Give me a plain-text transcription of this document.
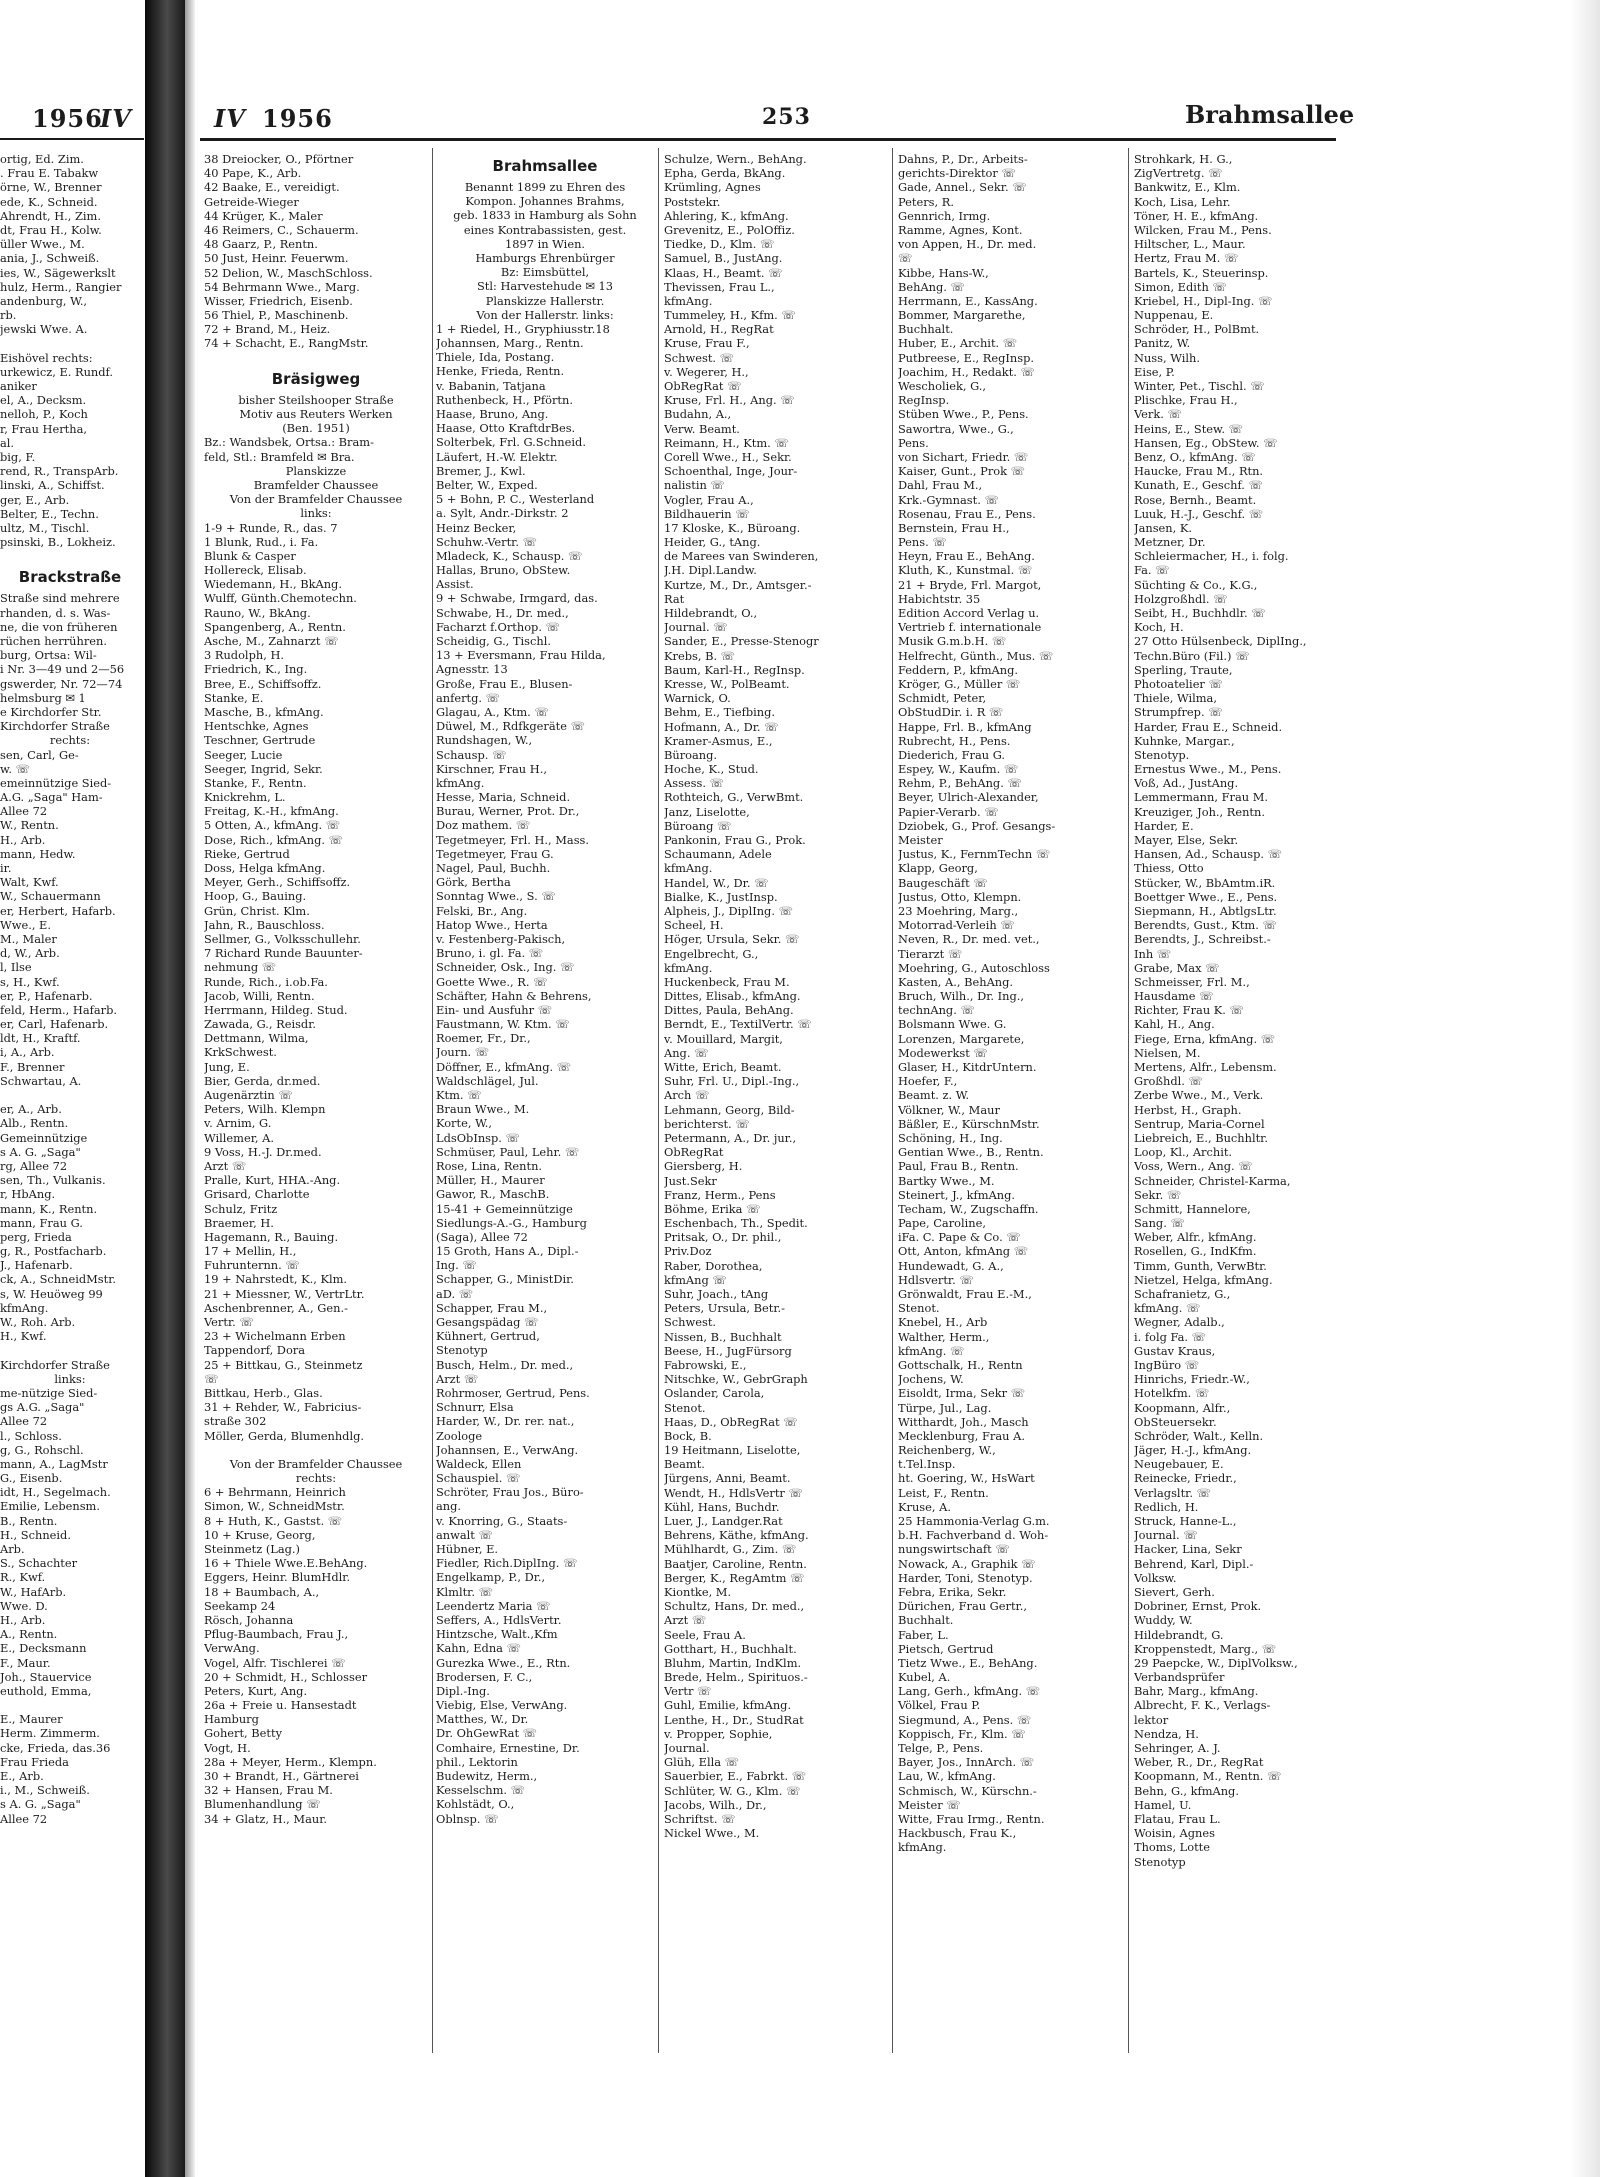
1956
IV	IV 1956	253	Brahmsallee
ortig, Ed. Zim.
. Frau E. Tabakw
örne, W., Brenner
ede, K., Schneid.
Ahrendt, H., Zim.
dt, Frau H., Kolw.
üller Wwe., M.
ania, J., Schweiß.
ies, W., Sägewerkslt
hulz, Herm., Rangier
andenburg, W.,
rb.
jewski Wwe. A.
Eishövel rechts:
urkewicz, E. Rundf.
aniker
el, A., Decksm.
nelloh, P., Koch
r, Frau Hertha,
al.
big, F.
rend, R., TranspArb.
linski, A., Schiffst.
ger, E., Arb.
Belter, E., Techn.
ultz, M., Tischl.
psinski, B., Lokheiz.
Brackstraße
Straße sind mehrere
rhanden, d. s. Was-
ne, die von früheren
rüchen herrühren.
burg, Ortsa: Wil-
i Nr. 3—49 und 2—56
gswerder, Nr. 72—74
helmsburg ✉ 1
e Kirchdorfer Str.
Kirchdorfer Straße
rechts:
sen, Carl, Ge-
w. ☏
emeinnützige Sied-
A.G. „Saga" Ham-
Allee 72
W., Rentn.
H., Arb.
mann, Hedw.
ir.
Walt, Kwf.
W., Schauermann
er, Herbert, Hafarb.
Wwe., E.
M., Maler
d, W., Arb.
l, Ilse
s, H., Kwf.
er, P., Hafenarb.
feld, Herm., Hafarb.
er, Carl, Hafenarb.
ldt, H., Kraftf.
i, A., Arb.
F., Brenner
Schwartau, A.
er, A., Arb.
Alb., Rentn.
Gemeinnützige
s A. G. „Saga"
rg, Allee 72
sen, Th., Vulkanis.
r, HbAng.
mann, K., Rentn.
mann, Frau G.
perg, Frieda
g, R., Postfacharb.
J., Hafenarb.
ck, A., SchneidMstr.
s, W. Heuöweg 99
kfmAng.
W., Roh. Arb.
H., Kwf.
Kirchdorfer Straße
links:
me-nützige Sied-
gs A.G. „Saga"
Allee 72
l., Schloss.
g, G., Rohschl.
mann, A., LagMstr
G., Eisenb.
idt, H., Segelmach.
Emilie, Lebensm.
B., Rentn.
H., Schneid.
Arb.
S., Schachter
R., Kwf.
W., HafArb.
Wwe. D.
H., Arb.
A., Rentn.
E., Decksmann
F., Maur.
Joh., Stauervice
euthold, Emma,
E., Maurer
Herm. Zimmerm.
cke, Frieda, das.36
Frau Frieda
E., Arb.
i., M., Schweiß.
s A. G. „Saga"
Allee 72
38 Dreiocker, O., Pförtner
40 Pape, K., Arb.
42 Baake, E., vereidigt.
Getreide-Wieger
44 Krüger, K., Maler
46 Reimers, C., Schauerm.
48 Gaarz, P., Rentn.
50 Just, Heinr. Feuerwm.
52 Delion, W., MaschSchloss.
54 Behrmann Wwe., Marg.
Wisser, Friedrich, Eisenb.
56 Thiel, P., Maschinenb.
72 + Brand, M., Heiz.
74 + Schacht, E., RangMstr.
Bräsigweg
bisher Steilshooper Straße
Motiv aus Reuters Werken
(Ben. 1951)
Bz.: Wandsbek, Ortsa.: Bram-
feld, Stl.: Bramfeld ✉ Bra.
Planskizze
Bramfelder Chaussee
Von der Bramfelder Chaussee
links:
1-9 + Runde, R., das. 7
1 Blunk, Rud., i. Fa.
Blunk & Casper
Hollereck, Elisab.
Wiedemann, H., BkAng.
Wulff, Günth.Chemotechn.
Rauno, W., BkAng.
Spangenberg, A., Rentn.
Asche, M., Zahnarzt ☏
3 Rudolph, H.
Friedrich, K., Ing.
Bree, E., Schiffsoffz.
Stanke, E.
Masche, B., kfmAng.
Hentschke, Agnes
Teschner, Gertrude
Seeger, Lucie
Seeger, Ingrid, Sekr.
Stanke, F., Rentn.
Knickrehm, L.
Freitag, K.-H., kfmAng.
5 Otten, A., kfmAng. ☏
Dose, Rich., kfmAng. ☏
Rieke, Gertrud
Doss, Helga kfmAng.
Meyer, Gerh., Schiffsoffz.
Hoop, G., Bauing.
Grün, Christ. Klm.
Jahn, R., Bauschloss.
Sellmer, G., Volksschullehr.
7 Richard Runde Bauunter-
nehmung ☏
Runde, Rich., i.ob.Fa.
Jacob, Willi, Rentn.
Herrmann, Hildeg. Stud.
Zawada, G., Reisdr.
Dettmann, Wilma,
KrkSchwest.
Jung, E.
Bier, Gerda, dr.med.
Augenärztin ☏
Peters, Wilh. Klempn
v. Arnim, G.
Willemer, A.
9 Voss, H.-J. Dr.med.
Arzt ☏
Pralle, Kurt, HHA.-Ang.
Grisard, Charlotte
Schulz, Fritz
Braemer, H.
Hagemann, R., Bauing.
17 + Mellin, H.,
Fuhrunternn. ☏
19 + Nahrstedt, K., Klm.
21 + Miessner, W., VertrLtr.
Aschenbrenner, A., Gen.-
Vertr. ☏
23 + Wichelmann Erben
Tappendorf, Dora
25 + Bittkau, G., Steinmetz
☏
Bittkau, Herb., Glas.
31 + Rehder, W., Fabricius-
straße 302
Möller, Gerda, Blumenhdlg.
Von der Bramfelder Chaussee
rechts:
6 + Behrmann, Heinrich
Simon, W., SchneidMstr.
8 + Huth, K., Gastst. ☏
10 + Kruse, Georg,
Steinmetz (Lag.)
16 + Thiele Wwe.E.BehAng.
Eggers, Heinr. BlumHdlr.
18 + Baumbach, A.,
Seekamp 24
Rösch, Johanna
Pflug-Baumbach, Frau J.,
VerwAng.
Vogel, Alfr. Tischlerei ☏
20 + Schmidt, H., Schlosser
Peters, Kurt, Ang.
26a + Freie u. Hansestadt
Hamburg
Gohert, Betty
Vogt, H.
28a + Meyer, Herm., Klempn.
30 + Brandt, H., Gärtnerei
32 + Hansen, Frau M.
Blumenhandlung ☏
34 + Glatz, H., Maur.
Brahmsallee
Benannt 1899 zu Ehren des
Kompon. Johannes Brahms,
geb. 1833 in Hamburg als Sohn
eines Kontrabassisten, gest.
1897 in Wien.
Hamburgs Ehrenbürger
Bz: Eimsbüttel,
Stl: Harvestehude ✉ 13
Planskizze Hallerstr.
Von der Hallerstr. links:
1 + Riedel, H., Gryphiusstr.18
Johannsen, Marg., Rentn.
Thiele, Ida, Postang.
Henke, Frieda, Rentn.
v. Babanin, Tatjana
Ruthenbeck, H., Pförtn.
Haase, Bruno, Ang.
Haase, Otto KraftdrBes.
Solterbek, Frl. G.Schneid.
Läufert, H.-W. Elektr.
Bremer, J., Kwl.
Belter, W., Exped.
5 + Bohn, P. C., Westerland
a. Sylt, Andr.-Dirkstr. 2
Heinz Becker,
Schuhw.-Vertr. ☏
Mladeck, K., Schausp. ☏
Hallas, Bruno, ObStew.
Assist.
9 + Schwabe, Irmgard, das.
Schwabe, H., Dr. med.,
Facharzt f.Orthop. ☏
Scheidig, G., Tischl.
13 + Eversmann, Frau Hilda,
Agnesstr. 13
Große, Frau E., Blusen-
anfertg. ☏
Glagau, A., Ktm. ☏
Düwel, M., Rdfkgeräte ☏
Rundshagen, W.,
Schausp. ☏
Kirschner, Frau H.,
kfmAng.
Hesse, Maria, Schneid.
Burau, Werner, Prot. Dr.,
Doz mathem. ☏
Tegetmeyer, Frl. H., Mass.
Tegetmeyer, Frau G.
Nagel, Paul, Buchh.
Görk, Bertha
Sonntag Wwe., S. ☏
Felski, Br., Ang.
Hatop Wwe., Herta
v. Festenberg-Pakisch,
Bruno, i. gl. Fa. ☏
Schneider, Osk., Ing. ☏
Goette Wwe., R. ☏
Schäfter, Hahn & Behrens,
Ein- und Ausfuhr ☏
Faustmann, W. Ktm. ☏
Roemer, Fr., Dr.,
Journ. ☏
Döffner, E., kfmAng. ☏
Waldschlägel, Jul.
Ktm. ☏
Braun Wwe., M.
Korte, W.,
LdsObInsp. ☏
Schmüser, Paul, Lehr. ☏
Rose, Lina, Rentn.
Müller, H., Maurer
Gawor, R., MaschB.
15-41 + Gemeinnützige
Siedlungs-A.-G., Hamburg
(Saga), Allee 72
15 Groth, Hans A., Dipl.-
Ing. ☏
Schapper, G., MinistDir.
aD. ☏
Schapper, Frau M.,
Gesangspädag ☏
Kühnert, Gertrud,
Stenotyp
Busch, Helm., Dr. med.,
Arzt ☏
Rohrmoser, Gertrud, Pens.
Schnurr, Elsa
Harder, W., Dr. rer. nat.,
Zoologe
Johannsen, E., VerwAng.
Waldeck, Ellen
Schauspiel. ☏
Schröter, Frau Jos., Büro-
ang.
v. Knorring, G., Staats-
anwalt ☏
Hübner, E.
Fiedler, Rich.DiplIng. ☏
Engelkamp, P., Dr.,
Klmltr. ☏
Leendertz Maria ☏
Seffers, A., HdlsVertr.
Hintzsche, Walt.,Kfm
Kahn, Edna ☏
Gurezka Wwe., E., Rtn.
Brodersen, F. C.,
Dipl.-Ing.
Viebig, Else, VerwAng.
Matthes, W., Dr.
Dr. OhGewRat ☏
Comhaire, Ernestine, Dr.
phil., Lektorin
Budewitz, Herm.,
Kesselschm. ☏
Kohlstädt, O.,
Oblnsp. ☏
Schulze, Wern., BehAng.
Epha, Gerda, BkAng.
Krümling, Agnes
Poststekr.
Ahlering, K., kfmAng.
Grevenitz, E., PolOffiz.
Tiedke, D., Klm. ☏
Samuel, B., JustAng.
Klaas, H., Beamt. ☏
Thevissen, Frau L.,
kfmAng.
Tummeley, H., Kfm. ☏
Arnold, H., RegRat
Kruse, Frau F.,
Schwest. ☏
v. Wegerer, H.,
ObRegRat ☏
Kruse, Frl. H., Ang. ☏
Budahn, A.,
Verw. Beamt.
Reimann, H., Ktm. ☏
Corell Wwe., H., Sekr.
Schoenthal, Inge, Jour-
nalistin ☏
Vogler, Frau A.,
Bildhauerin ☏
17 Kloske, K., Büroang.
Heider, G., tAng.
de Marees van Swinderen,
J.H. Dipl.Landw.
Kurtze, M., Dr., Amtsger.-
Rat
Hildebrandt, O.,
Journal. ☏
Sander, E., Presse-Stenogr
Krebs, B. ☏
Baum, Karl-H., RegInsp.
Kresse, W., PolBeamt.
Warnick, O.
Behm, E., Tiefbing.
Hofmann, A., Dr. ☏
Kramer-Asmus, E.,
Büroang.
Hoche, K., Stud.
Assess. ☏
Rothteich, G., VerwBmt.
Janz, Liselotte,
Büroang ☏
Pankonin, Frau G., Prok.
Schaumann, Adele
kfmAng.
Handel, W., Dr. ☏
Bialke, K., JustInsp.
Alpheis, J., DiplIng. ☏
Scheel, H.
Höger, Ursula, Sekr. ☏
Engelbrecht, G.,
kfmAng.
Huckenbeck, Frau M.
Dittes, Elisab., kfmAng.
Dittes, Paula, BehAng.
Berndt, E., TextilVertr. ☏
v. Mouillard, Margit,
Ang. ☏
Witte, Erich, Beamt.
Suhr, Frl. U., Dipl.-Ing.,
Arch ☏
Lehmann, Georg, Bild-
berichterst. ☏
Petermann, A., Dr. jur.,
ObRegRat
Giersberg, H.
Just.Sekr
Franz, Herm., Pens
Böhme, Erika ☏
Eschenbach, Th., Spedit.
Pritsak, O., Dr. phil.,
Priv.Doz
Raber, Dorothea,
kfmAng ☏
Suhr, Joach., tAng
Peters, Ursula, Betr.-
Schwest.
Nissen, B., Buchhalt
Beese, H., JugFürsorg
Fabrowski, E.,
Nitschke, W., GebrGraph
Oslander, Carola,
Stenot.
Haas, D., ObRegRat ☏
Bock, B.
19 Heitmann, Liselotte,
Beamt.
Jürgens, Anni, Beamt.
Wendt, H., HdlsVertr ☏
Kühl, Hans, Buchdr.
Luer, J., Landger.Rat
Behrens, Käthe, kfmAng.
Mühlhardt, G., Zim. ☏
Baatjer, Caroline, Rentn.
Berger, K., RegAmtm ☏
Kiontke, M.
Schultz, Hans, Dr. med.,
Arzt ☏
Seele, Frau A.
Gotthart, H., Buchhalt.
Bluhm, Martin, IndKlm.
Brede, Helm., Spirituos.-
Vertr ☏
Guhl, Emilie, kfmAng.
Lenthe, H., Dr., StudRat
v. Propper, Sophie,
Journal.
Glüh, Ella ☏
Sauerbier, E., Fabrkt. ☏
Schlüter, W. G., Klm. ☏
Jacobs, Wilh., Dr.,
Schriftst. ☏
Nickel Wwe., M.
Dahns, P., Dr., Arbeits-
gerichts-Direktor ☏
Gade, Annel., Sekr. ☏
Peters, R.
Gennrich, Irmg.
Ramme, Agnes, Kont.
von Appen, H., Dr. med.
☏
Kibbe, Hans-W.,
BehAng. ☏
Herrmann, E., KassAng.
Bommer, Margarethe,
Buchhalt.
Huber, E., Archit. ☏
Putbreese, E., RegInsp.
Joachim, H., Redakt. ☏
Wescholiek, G.,
RegInsp.
Stüben Wwe., P., Pens.
Sawortra, Wwe., G.,
Pens.
von Sichart, Friedr. ☏
Kaiser, Gunt., Prok ☏
Dahl, Frau M.,
Krk.-Gymnast. ☏
Rosenau, Frau E., Pens.
Bernstein, Frau H.,
Pens. ☏
Heyn, Frau E., BehAng.
Kluth, K., Kunstmal. ☏
21 + Bryde, Frl. Margot,
Habichtstr. 35
Edition Accord Verlag u.
Vertrieb f. internationale
Musik G.m.b.H. ☏
Helfrecht, Günth., Mus. ☏
Feddern, P., kfmAng.
Kröger, G., Müller ☏
Schmidt, Peter,
ObStudDir. i. R ☏
Happe, Frl. B., kfmAng
Rubrecht, H., Pens.
Diederich, Frau G.
Espey, W., Kaufm. ☏
Rehm, P., BehAng. ☏
Beyer, Ulrich-Alexander,
Papier-Verarb. ☏
Dziobek, G., Prof. Gesangs-
Meister
Justus, K., FernmTechn ☏
Klapp, Georg,
Baugeschäft ☏
Justus, Otto, Klempn.
23 Moehring, Marg.,
Motorrad-Verleih ☏
Neven, R., Dr. med. vet.,
Tierarzt ☏
Moehring, G., Autoschloss
Kasten, A., BehAng.
Bruch, Wilh., Dr. Ing.,
technAng. ☏
Bolsmann Wwe. G.
Lorenzen, Margarete,
Modewerkst ☏
Glaser, H., KitdrUntern.
Hoefer, F.,
Beamt. z. W.
Völkner, W., Maur
Bäßler, E., KürschnMstr.
Schöning, H., Ing.
Gentian Wwe., B., Rentn.
Paul, Frau B., Rentn.
Bartky Wwe., M.
Steinert, J., kfmAng.
Techam, W., Zugschaffn.
Pape, Caroline,
iFa. C. Pape & Co. ☏
Ott, Anton, kfmAng ☏
Hundewadt, G. A.,
Hdlsvertr. ☏
Grönwaldt, Frau E.-M.,
Stenot.
Knebel, H., Arb
Walther, Herm.,
kfmAng. ☏
Gottschalk, H., Rentn
Jochens, W.
Eisoldt, Irma, Sekr ☏
Türpe, Jul., Lag.
Witthardt, Joh., Masch
Mecklenburg, Frau A.
Reichenberg, W.,
t.Tel.Insp.
ht. Goering, W., HsWart
Leist, F., Rentn.
Kruse, A.
25 Hammonia-Verlag G.m.
b.H. Fachverband d. Woh-
nungswirtschaft ☏
Nowack, A., Graphik ☏
Harder, Toni, Stenotyp.
Febra, Erika, Sekr.
Dürichen, Frau Gertr.,
Buchhalt.
Faber, L.
Pietsch, Gertrud
Tietz Wwe., E., BehAng.
Kubel, A.
Lang, Gerh., kfmAng. ☏
Völkel, Frau P.
Siegmund, A., Pens. ☏
Koppisch, Fr., Klm. ☏
Telge, P., Pens.
Bayer, Jos., InnArch. ☏
Lau, W., kfmAng.
Schmisch, W., Kürschn.-
Meister ☏
Witte, Frau Irmg., Rentn.
Hackbusch, Frau K.,
kfmAng.
Strohkark, H. G.,
ZigVertretg. ☏
Bankwitz, E., Klm.
Koch, Lisa, Lehr.
Töner, H. E., kfmAng.
Wilcken, Frau M., Pens.
Hiltscher, L., Maur.
Hertz, Frau M. ☏
Bartels, K., Steuerinsp.
Simon, Edith ☏
Kriebel, H., Dipl-Ing. ☏
Nuppenau, E.
Schröder, H., PolBmt.
Panitz, W.
Nuss, Wilh.
Eise, P.
Winter, Pet., Tischl. ☏
Plischke, Frau H.,
Verk. ☏
Heins, E., Stew. ☏
Hansen, Eg., ObStew. ☏
Benz, O., kfmAng. ☏
Haucke, Frau M., Rtn.
Kunath, E., Geschf. ☏
Rose, Bernh., Beamt.
Luuk, H.-J., Geschf. ☏
Jansen, K.
Metzner, Dr.
Schleiermacher, H., i. folg.
Fa. ☏
Süchting & Co., K.G.,
Holzgroßhdl. ☏
Seibt, H., Buchhdlr. ☏
Koch, H.
27 Otto Hülsenbeck, DiplIng.,
Techn.Büro (Fil.) ☏
Sperling, Traute,
Photoatelier ☏
Thiele, Wilma,
Strumpfrep. ☏
Harder, Frau E., Schneid.
Kuhnke, Margar.,
Stenotyp.
Ernestus Wwe., M., Pens.
Voß, Ad., JustAng.
Lemmermann, Frau M.
Kreuziger, Joh., Rentn.
Harder, E.
Mayer, Else, Sekr.
Hansen, Ad., Schausp. ☏
Thiess, Otto
Stücker, W., BbAmtm.iR.
Boettger Wwe., E., Pens.
Siepmann, H., AbtlgsLtr.
Berendts, Gust., Ktm. ☏
Berendts, J., Schreibst.-
Inh ☏
Grabe, Max ☏
Schmeisser, Frl. M.,
Hausdame ☏
Richter, Frau K. ☏
Kahl, H., Ang.
Fiege, Erna, kfmAng. ☏
Nielsen, M.
Mertens, Alfr., Lebensm.
Großhdl. ☏
Zerbe Wwe., M., Verk.
Herbst, H., Graph.
Sentrup, Maria-Cornel
Liebreich, E., Buchhltr.
Loop, Kl., Archit.
Voss, Wern., Ang. ☏
Schneider, Christel-Karma,
Sekr. ☏
Schmitt, Hannelore,
Sang. ☏
Weber, Alfr., kfmAng.
Rosellen, G., IndKfm.
Timm, Gunth, VerwBtr.
Nietzel, Helga, kfmAng.
Schafranietz, G.,
kfmAng. ☏
Wegner, Adalb.,
i. folg Fa. ☏
Gustav Kraus,
IngBüro ☏
Hinrichs, Friedr.-W.,
Hotelkfm. ☏
Koopmann, Alfr.,
ObSteuersekr.
Schröder, Walt., Kelln.
Jäger, H.-J., kfmAng.
Neugebauer, E.
Reinecke, Friedr.,
Verlagsltr. ☏
Redlich, H.
Struck, Hanne-L.,
Journal. ☏
Hacker, Lina, Sekr
Behrend, Karl, Dipl.-
Volksw.
Sievert, Gerh.
Dobriner, Ernst, Prok.
Wuddy, W.
Hildebrandt, G.
Kroppenstedt, Marg., ☏
29 Paepcke, W., DiplVolksw.,
Verbandsprüfer
Bahr, Marg., kfmAng.
Albrecht, F. K., Verlags-
lektor
Nendza, H.
Sehringer, A. J.
Weber, R., Dr., RegRat
Koopmann, M., Rentn. ☏
Behn, G., kfmAng.
Hamel, U.
Flatau, Frau L.
Woisin, Agnes
Thoms, Lotte
Stenotyp
